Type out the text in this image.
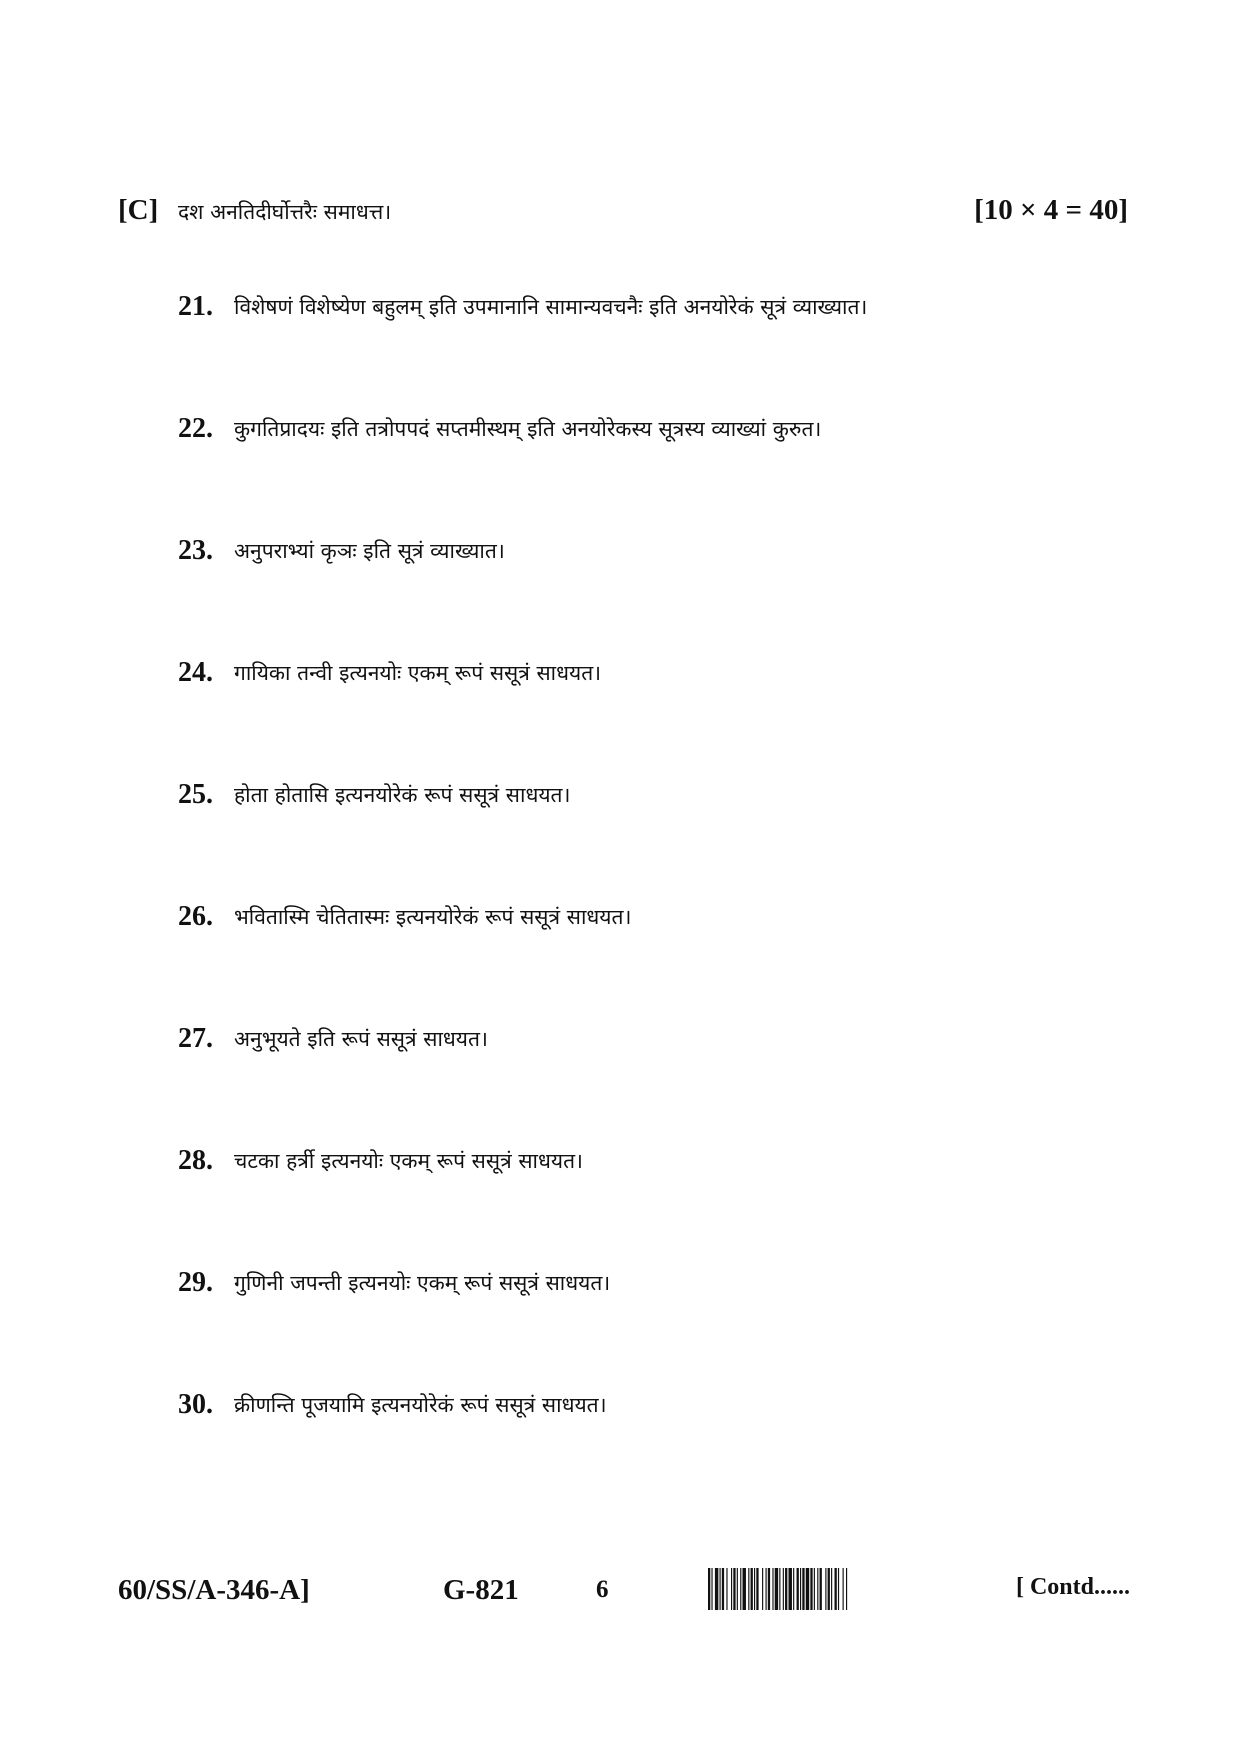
[C] दश अनतिदीर्घोत्तरैः समाधत्त।	[10 × 4 = 40]
21.	विशेषणं विशेष्येण बहुलम् इति उपमानानि सामान्यवचनैः इति अनयोरेकं सूत्रं व्याख्यात।
22.	कुगतिप्रादयः इति तत्रोपपदं सप्तमीस्थम् इति अनयोरेकस्य सूत्रस्य व्याख्यां कुरुत।
23.	अनुपराभ्यां कृञः इति सूत्रं व्याख्यात।
24.	गायिका तन्वी इत्यनयोः एकम् रूपं ससूत्रं साधयत।
25.	होता होतासि इत्यनयोरेकं रूपं ससूत्रं साधयत।
26.	भवितास्मि चेतितास्मः इत्यनयोरेकं रूपं ससूत्रं साधयत।
27.	अनुभूयते इति रूपं ससूत्रं साधयत।
28.	चटका हर्त्री इत्यनयोः एकम् रूपं ससूत्रं साधयत।
29.	गुणिनी जपन्ती इत्यनयोः एकम् रूपं ससूत्रं साधयत।
30.	क्रीणन्ति पूजयामि इत्यनयोरेकं रूपं ससूत्रं साधयत।
60/SS/A-346-A]	G-821	6	[ Contd......
